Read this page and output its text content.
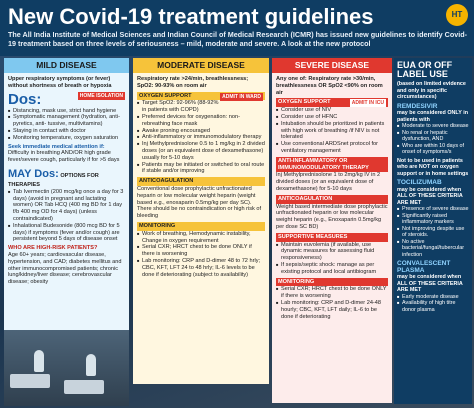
New Covid-19 treatment guidelines	HT
The All India Institute of Medical Sciences and Indian Council of Medical Research (ICMR) has issued new guidelines to identify Covid-19 treatment based on three levels of seriousness – mild, moderate and severe. A look at the new protocol
MILD DISEASE
Upper respiratory symptoms (or fever) without shortness of breath or hypoxia
Dos:	HOME ISOLATION
■ Distancing, mask use, strict hand hygiene
■ Symptomatic management (hydration, anti-pyretics, anti- tussive, multivitamins)
■ Staying in contact with doctor
■ Monitoring temperature, oxygen saturation
Seek immediate medical attention if:
Difficulty in breathing AND/OR high grade fever/severe cough, particularly if for >5 days
MAY Dos: OPTIONS FOR THERAPIES
■ Tab Ivermectin (200 mcg/kg once a day for 3 days) (avoid in pregnant and lactating women) OR Tab HCQ (400 mg BD for 1 day f/b 400 mg OD for 4 days) (unless contraindicated)
■ Inhalational Budesonide (800 mcg BD for 5 days) if symptoms (fever and/or cough) are persistent beyond 5 days of disease onset
WHO ARE HIGH-RISK PATIENTS?
Age 60+ years; cardiovascular disease, hypertension, and CAD; diabetes mellitus and other immunocompromised patients; chronic lung/kidney/liver disease; cerebrovascular disease; obesity
MODERATE DISEASE
Respiratory rate >24/min, breathlessness; SpO2: 90-93% on room air
OXYGEN SUPPORT	ADMIT IN WARD
■ Target SpO2: 92-96% (88-92% in patients with COPD)
■ Preferred devices for oxygenation: non-rebreathing face mask
■ Awake proning encouraged
■ Anti-inflammatory or immunomodulatory therapy
■ Inj Methylprednisolone 0.5 to 1 mg/kg in 2 divided doses (or an equivalent dose of dexamethasone) usually for 5-10 days
■ Patients may be initiated or switched to oral route if stable and/or improving
ANTICOAGULATION
Conventional dose prophylactic unfractionated heparin or low molecular weight heparin (weight based e.g., enoxaparin 0.5mg/kg per day SC). There should be no contraindication or high risk of bleeding
MONITORING
■ Work of breathing, Hemodynamic instability, Change in oxygen requirement
■ Serial CXR; HRCT chest to be done ONLY if there is worsening
■ Lab monitoring: CRP and D-dimer 48 to 72 hrly; CBC, KFT, LFT 24 to 48 hrly; IL-6 levels to be done if deteriorating (subject to availability)
SEVERE DISEASE
Any one of: Respiratory rate >30/min, breathlessness OR SpO2 <90% on room air
OXYGEN SUPPORT	ADMIT IN ICU
■ Consider use of NIV
■ Consider use of HFNC
■ Intubation should be prioritized in patients with high work of breathing /if NIV is not tolerated
■ Use conventional ARDSnet protocol for ventilatory management
ANTI-INFLAMMATORY OR IMMUNOMODULATORY THERAPY
Inj Methylprednisolone 1 to 2mg/kg IV in 2 divided doses (or an equivalent dose of dexamethasone) for 5-10 days
ANTICOAGULATION
Weight based intermediate dose prophylactic unfractionated heparin or low molecular weight heparin (e.g., Enoxaparin 0.5mg/kg per dose SC BD)
SUPPORTIVE MEASURES
■ Maintain euvolemia (if available, use dynamic measures for assessing fluid responsiveness)
■ If sepsis/septic shock: manage as per existing protocol and local antibiogram
MONITORING
■ Serial CXR; HRCT chest to be done ONLY if there is worsening
■ Lab monitoring: CRP and D-dimer 24-48 hourly; CBC, KFT, LFT daily; IL-6 to be done if deteriorating
EUA OR OFF LABEL USE
(based on limited evidence and only in specific circumstances)
REMDESIVIR
may be considered ONLY in patients with
■ Moderate to severe disease
■ No renal or hepatic dysfunction, AND
■ Who are within 10 days of onset of symptoms/s
Not to be used in patients who are NOT on oxygen support or in home settings
TOCILIZUMAB
may be considered when ALL OF THESE CRITERIA ARE MET
■ Presence of severe disease
■ Significantly raised inflammatory markers
■ Not improving despite use of steroids.
■ No active bacterial/fungal/tubercular infection
CONVALESCENT PLASMA
may be considered when ALL OF THESE CRITERIA ARE MET
■ Early moderate disease
■ Availability of high titre donor plasma
